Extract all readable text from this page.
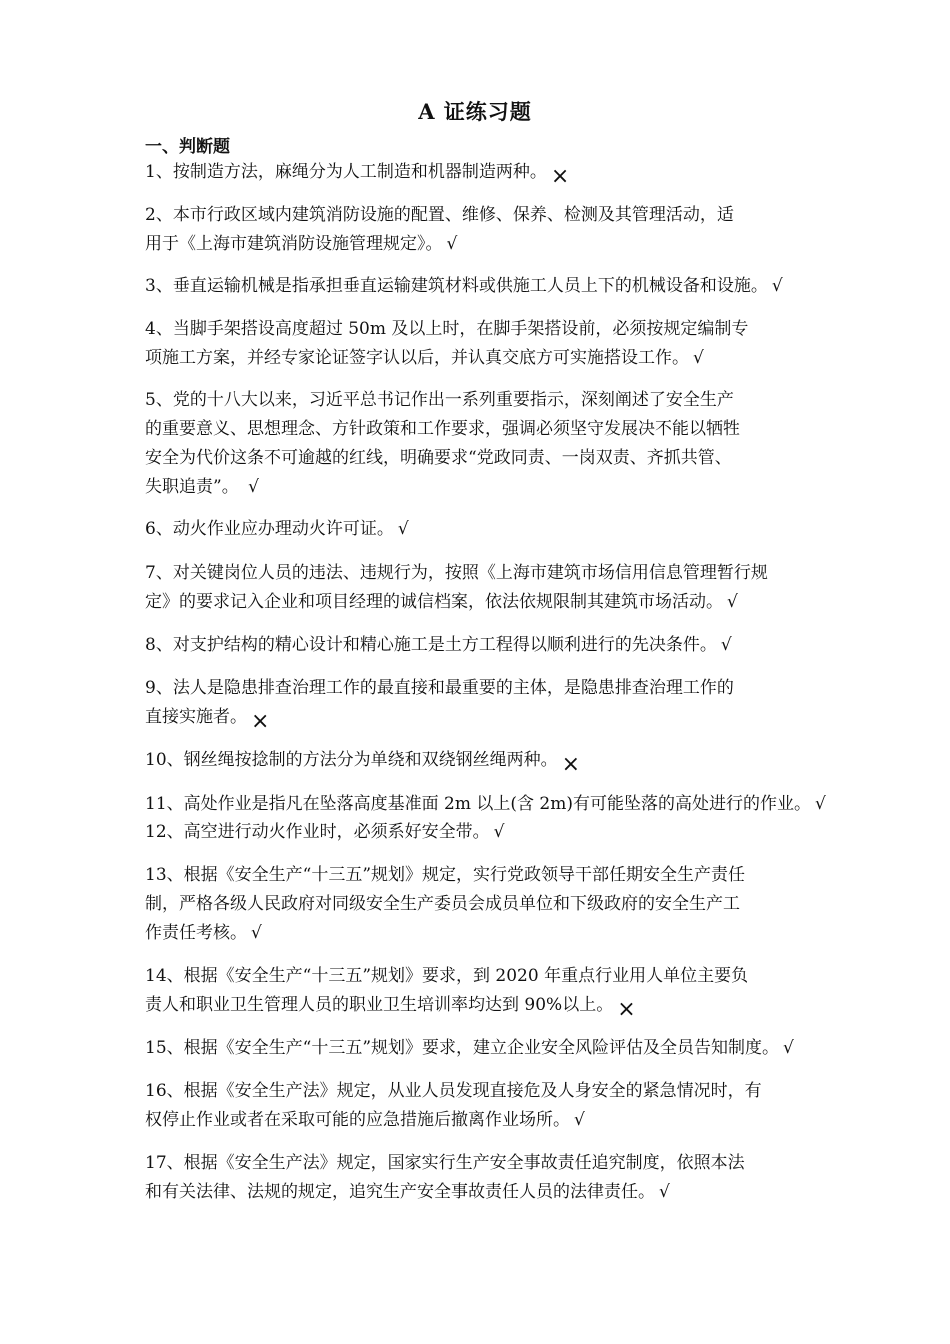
A 证练习题
一、判断题
1、按制造方法，麻绳分为人工制造和机器制造两种。 ×
2、本市行政区域内建筑消防设施的配置、维修、保养、检测及其管理活动，适
用于《上海市建筑消防设施管理规定》。 √
3、垂直运输机械是指承担垂直运输建筑材料或供施工人员上下的机械设备和设施。 √
4、当脚手架搭设高度超过 50m 及以上时，在脚手架搭设前，必须按规定编制专
项施工方案，并经专家论证签字认以后，并认真交底方可实施搭设工作。 √
5、党的十八大以来，习近平总书记作出一系列重要指示，深刻阐述了安全生产
的重要意义、思想理念、方针政策和工作要求，强调必须坚守发展决不能以牺牲
安全为代价这条不可逾越的红线，明确要求“党政同责、一岗双责、齐抓共管、
失职追责”。 √
6、动火作业应办理动火许可证。 √
7、对关键岗位人员的违法、违规行为，按照《上海市建筑市场信用信息管理暂行规
定》的要求记入企业和项目经理的诚信档案，依法依规限制其建筑市场活动。 √
8、对支护结构的精心设计和精心施工是土方工程得以顺利进行的先决条件。 √
9、法人是隐患排查治理工作的最直接和最重要的主体，是隐患排查治理工作的
直接实施者。 ×
10、钢丝绳按捻制的方法分为单绕和双绕钢丝绳两种。 ×
11、高处作业是指凡在坠落高度基准面 2m 以上(含 2m)有可能坠落的高处进行的作业。 √
12、高空进行动火作业时，必须系好安全带。 √
13、根据《安全生产“十三五”规划》规定，实行党政领导干部任期安全生产责任
制，严格各级人民政府对同级安全生产委员会成员单位和下级政府的安全生产工
作责任考核。 √
14、根据《安全生产“十三五”规划》要求，到 2020 年重点行业用人单位主要负
责人和职业卫生管理人员的职业卫生培训率均达到 90%以上。 ×
15、根据《安全生产“十三五”规划》要求，建立企业安全风险评估及全员告知制度。 √
16、根据《安全生产法》规定，从业人员发现直接危及人身安全的紧急情况时，有
权停止作业或者在采取可能的应急措施后撤离作业场所。 √
17、根据《安全生产法》规定，国家实行生产安全事故责任追究制度，依照本法
和有关法律、法规的规定，追究生产安全事故责任人员的法律责任。 √
